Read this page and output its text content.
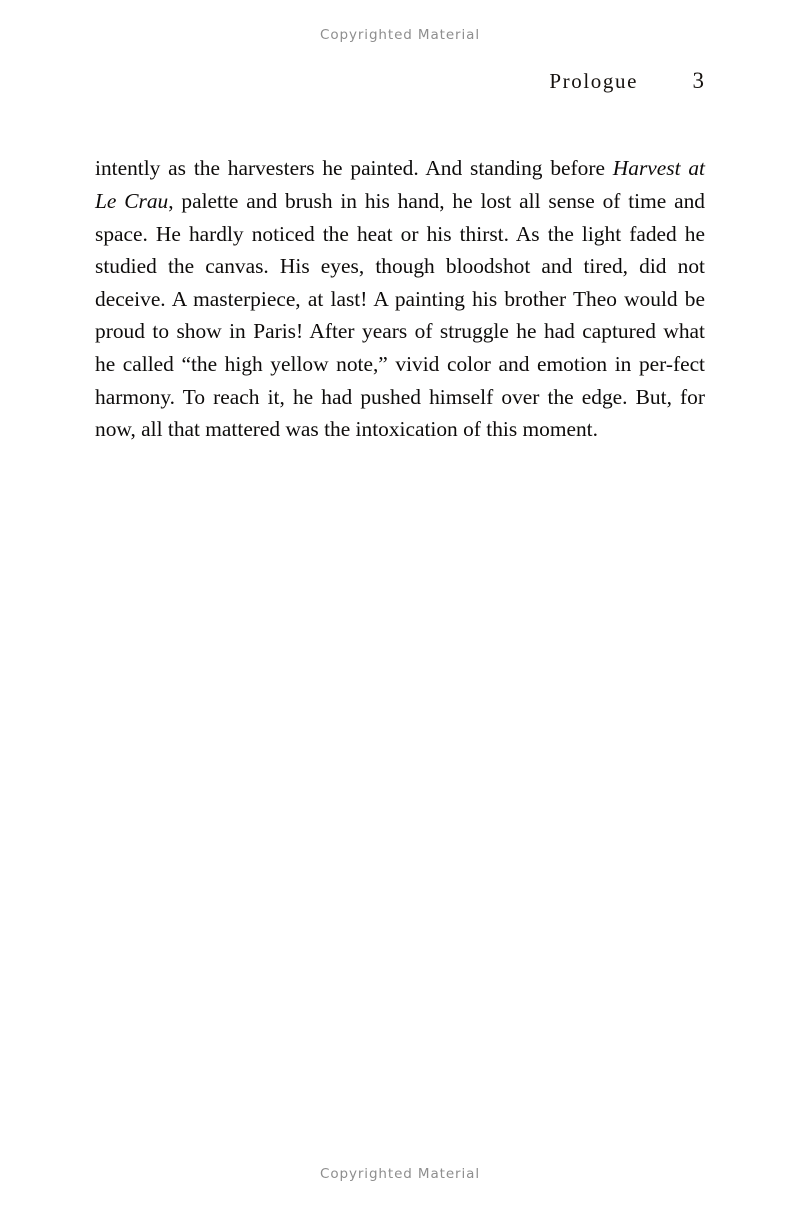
Copyrighted Material
Prologue 3

intently as the harvesters he painted. And standing before Harvest at Le Crau, palette and brush in his hand, he lost all sense of time and space. He hardly noticed the heat or his thirst. As the light faded he studied the canvas. His eyes, though bloodshot and tired, did not deceive. A masterpiece, at last! A painting his brother Theo would be proud to show in Paris! After years of struggle he had captured what he called “the high yellow note,” vivid color and emotion in per-fect harmony. To reach it, he had pushed himself over the edge. But, for now, all that mattered was the intoxication of this moment.

Copyrighted Material
